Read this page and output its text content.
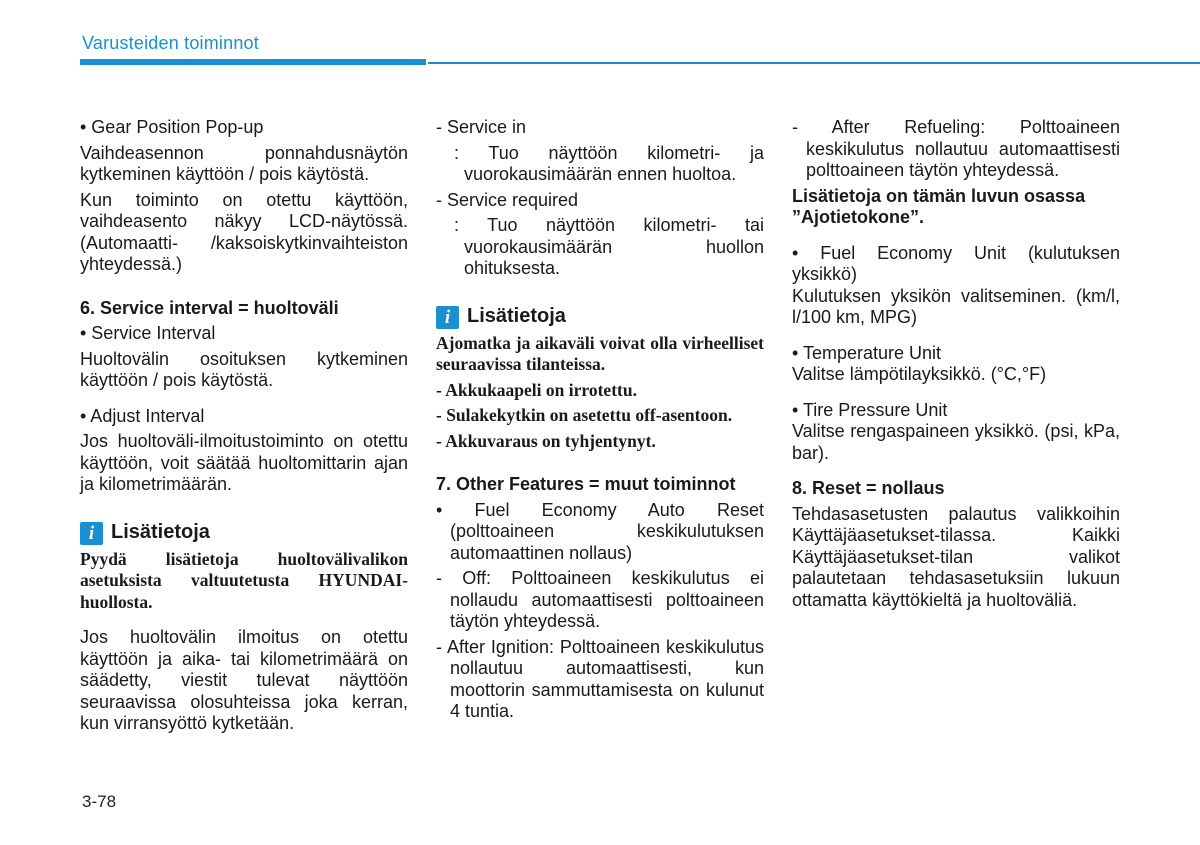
Varusteiden toiminnot

• Gear Position Pop-up

Vaihdeasennon ponnahdusnäytön kytkeminen käyttöön / pois käytöstä.

Kun toiminto on otettu käyttöön, vaihdeasento näkyy LCD-näytössä. (Automaatti- /kaksoiskytkinvaihteiston yhteydessä.)

6. Service interval = huoltoväli

• Service Interval

Huoltovälin osoituksen kytkeminen käyttöön / pois käytöstä.

• Adjust Interval

Jos huoltoväli-ilmoitustoiminto on otettu käyttöön, voit säätää huoltomittarin ajan ja kilometrimäärän.

i Lisätietoja

Pyydä lisätietoja huoltovälivalikon asetuksista valtuutetusta HYUNDAI-huollosta.

Jos huoltovälin ilmoitus on otettu käyttöön ja aika- tai kilometrimäärä on säädetty, viestit tulevat näyttöön seuraavissa olosuhteissa joka kerran, kun virransyöttö kytketään.

- Service in

: Tuo näyttöön kilometri- ja vuorokausimäärän ennen huoltoa.

- Service required

: Tuo näyttöön kilometri- tai vuorokausimäärän huollon ohituksesta.

i Lisätietoja

Ajomatka ja aikaväli voivat olla virheelliset seuraavissa tilanteissa.

- Akkukaapeli on irrotettu.

- Sulakekytkin on asetettu off-asentoon.

- Akkuvaraus on tyhjentynyt.

7. Other Features = muut toiminnot

• Fuel Economy Auto Reset (polttoaineen keskikulutuksen automaattinen nollaus)

- Off: Polttoaineen keskikulutus ei nollaudu automaattisesti polttoaineen täytön yhteydessä.

- After Ignition: Polttoaineen keskikulutus nollautuu automaattisesti, kun moottorin sammuttamisesta on kulunut 4 tuntia.

- After Refueling: Polttoaineen keskikulutus nollautuu automaattisesti polttoaineen täytön yhteydessä.

Lisätietoja on tämän luvun osassa ”Ajotietokone”.

• Fuel Economy Unit (kulutuksen yksikkö)

Kulutuksen yksikön valitseminen. (km/l, l/100 km, MPG)

• Temperature Unit

Valitse lämpötilayksikkö. (°C,°F)

• Tire Pressure Unit

Valitse rengaspaineen yksikkö. (psi, kPa, bar).

8. Reset = nollaus

Tehdasasetusten palautus valikkoihin Käyttäjäasetukset-tilassa. Kaikki Käyttäjäasetukset-tilan valikot palautetaan tehdasasetuksiin lukuun ottamatta käyttökieltä ja huoltoväliä.

3-78
